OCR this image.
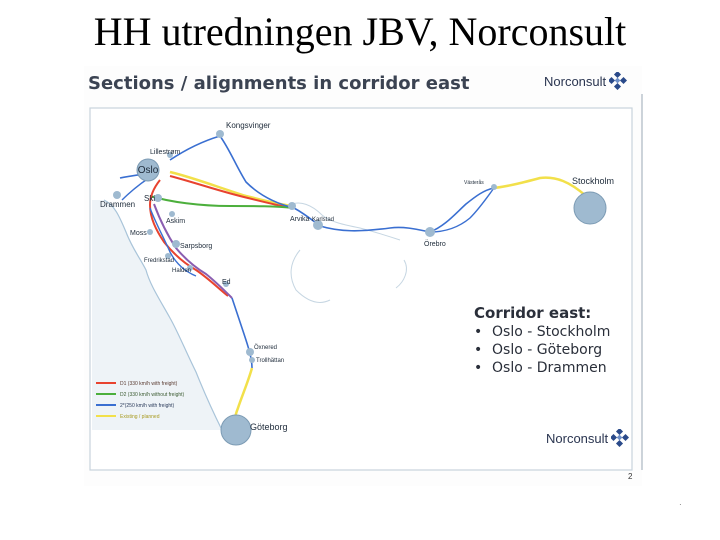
HH utredningen JBV, Norconsult
Sections / alignments in corridor east	Norconsult
Oslo
Stockholm
Göteborg
Kongsvinger
Lillestrøm
Drammen
Ski
Askim	Arvika Karlstad
Örebro
Västerås
Moss
Sarpsborg
Fredrikstad
Halden
Ed
Öxnered
Trollhättan
D1 (330 km/h with freight)
D2 (330 km/h without freight)
2*(250 km/h with freight)
Existing / planned
Corridor east:
• Oslo - Stockholm
• Oslo - Göteborg
• Oslo - Drammen
Norconsult
2
·
